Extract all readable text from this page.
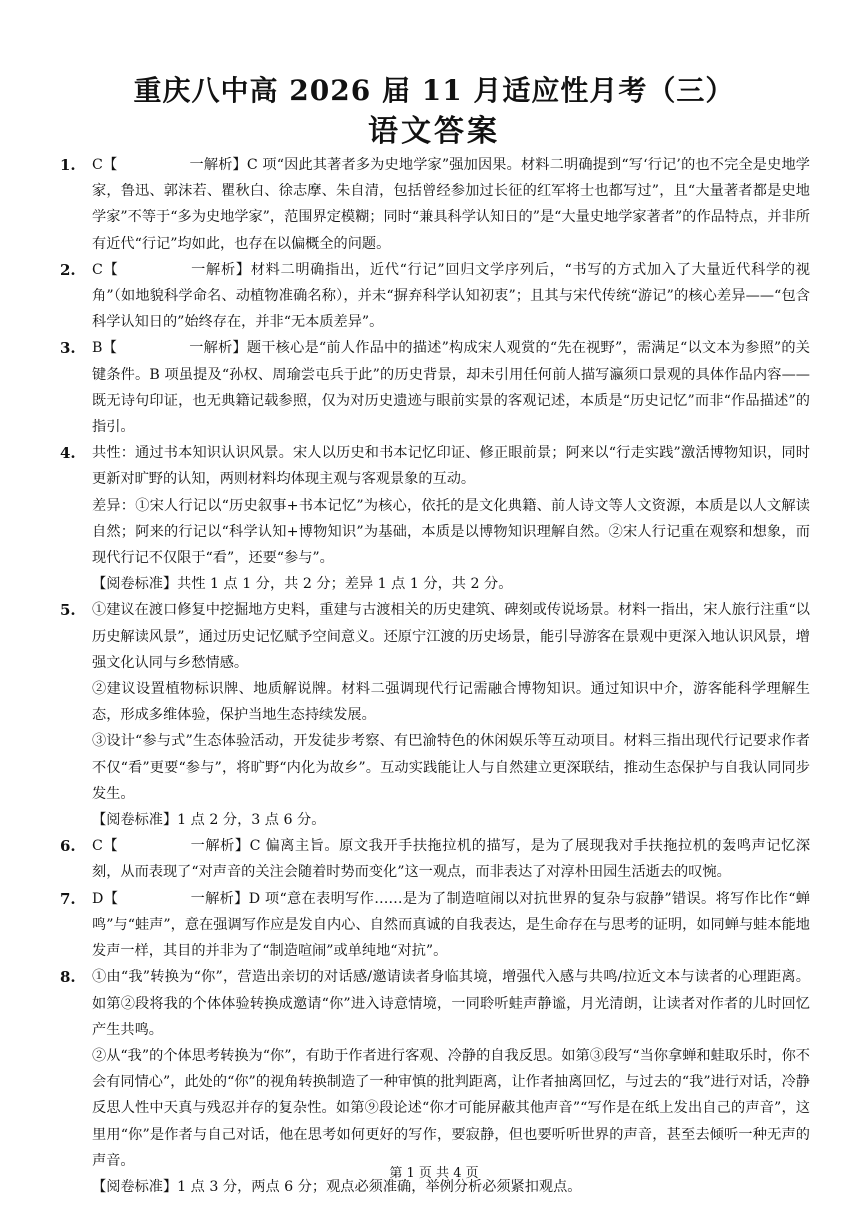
重庆八中高 2026 届 11 月适应性月考（三）
语文答案
1. C【	一解析】C 项“因此其著者多为史地学家”强加因果。材料二明确提到“写‘行记’的也不完全是史地学家，鲁迅、郭沫若、瞿秋白、徐志摩、朱自清，包括曾经参加过长征的红军将士也都写过”，且“大量著者都是史地学家”不等于“多为史地学家”，范围界定模糊；同时“兼具科学认知日的”是“大量史地学家著者”的作品特点，并非所有近代“行记”均如此，也存在以偏概全的问题。

2. C【	一解析】材料二明确指出，近代“行记”回归文学序列后，“书写的方式加入了大量近代科学的视角”（如地貌科学命名、动植物准确名称），并未“摒弃科学认知初衷”；且其与宋代传统“游记”的核心差异——“包含科学认知日的”始终存在，并非“无本质差异”。

3. B【	一解析】题干核心是“前人作品中的描述”构成宋人观赏的“先在视野”，需满足“以文本为参照”的关键条件。B 项虽提及“孙权、周瑜尝屯兵于此”的历史背景，却未引用任何前人描写瀛须口景观的具体作品内容——既无诗句印证，也无典籍记载参照，仅为对历史遗迹与眼前实景的客观记述，本质是“历史记忆”而非“作品描述”的指引。

4. 共性：通过书本知识认识风景。宋人以历史和书本记忆印证、修正眼前景；阿来以“行走实践”激活博物知识，同时更新对旷野的认知，两则材料均体现主观与客观景象的互动。

差异：①宋人行记以“历史叙事+书本记忆”为核心，依托的是文化典籍、前人诗文等人文资源，本质是以人文解读自然；阿来的行记以“科学认知+博物知识”为基础，本质是以博物知识理解自然。②宋人行记重在观察和想象，而现代行记不仅限于“看”，还要“参与”。

【阅卷标准】共性 1 点 1 分，共 2 分；差异 1 点 1 分，共 2 分。

5. ①建议在渡口修复中挖掘地方史料，重建与古渡相关的历史建筑、碑刻或传说场景。材料一指出，宋人旅行注重“以历史解读风景”，通过历史记忆赋予空间意义。还原宁江渡的历史场景，能引导游客在景观中更深入地认识风景，增强文化认同与乡愁情感。

②建议设置植物标识牌、地质解说牌。材料二强调现代行记需融合博物知识。通过知识中介，游客能科学理解生态，形成多维体验，保护当地生态持续发展。

③设计“参与式”生态体验活动，开发徒步考察、有巴渝特色的休闲娱乐等互动项目。材料三指出现代行记要求作者不仅“看”更要“参与”，将旷野“内化为故乡”。互动实践能让人与自然建立更深联结，推动生态保护与自我认同同步发生。

【阅卷标准】1 点 2 分，3 点 6 分。

6. C【	一解析】C 偏离主旨。原文我开手扶拖拉机的描写，是为了展现我对手扶拖拉机的轰鸣声记忆深刻，从而表现了“对声音的关注会随着时势而变化”这一观点，而非表达了对淳朴田园生活逝去的叹惋。

7. D【	一解析】D 项“意在表明写作……是为了制造喧闹以对抗世界的复杂与寂静”错误。将写作比作“蝉鸣”与“蛙声”，意在强调写作应是发自内心、自然而真诚的自我表达，是生命存在与思考的证明，如同蝉与蛙本能地发声一样，其目的并非为了“制造喧闹”或单纯地“对抗”。

8. ①由“我”转换为“你”，营造出亲切的对话感/邀请读者身临其境，增强代入感与共鸣/拉近文本与读者的心理距离。如第②段将我的个体体验转换成邀请“你”进入诗意情境，一同聆听蛙声静谧，月光清朗，让读者对作者的儿时回忆产生共鸣。

②从“我”的个体思考转换为“你”，有助于作者进行客观、冷静的自我反思。如第③段写“当你拿蝉和蛙取乐时，你不会有同情心”，此处的“你”的视角转换制造了一种审慎的批判距离，让作者抽离回忆，与过去的“我”进行对话，冷静反思人性中天真与残忍并存的复杂性。如第⑨段论述“你才可能屏蔽其他声音”“写作是在纸上发出自己的声音”，这里用“你”是作者与自己对话，他在思考如何更好的写作，要寂静，但也要听听世界的声音，甚至去倾听一种无声的声音。

【阅卷标准】1 点 3 分，两点 6 分；观点必须准确，举例分析必须紧扣观点。

第 1 页 共 4 页
